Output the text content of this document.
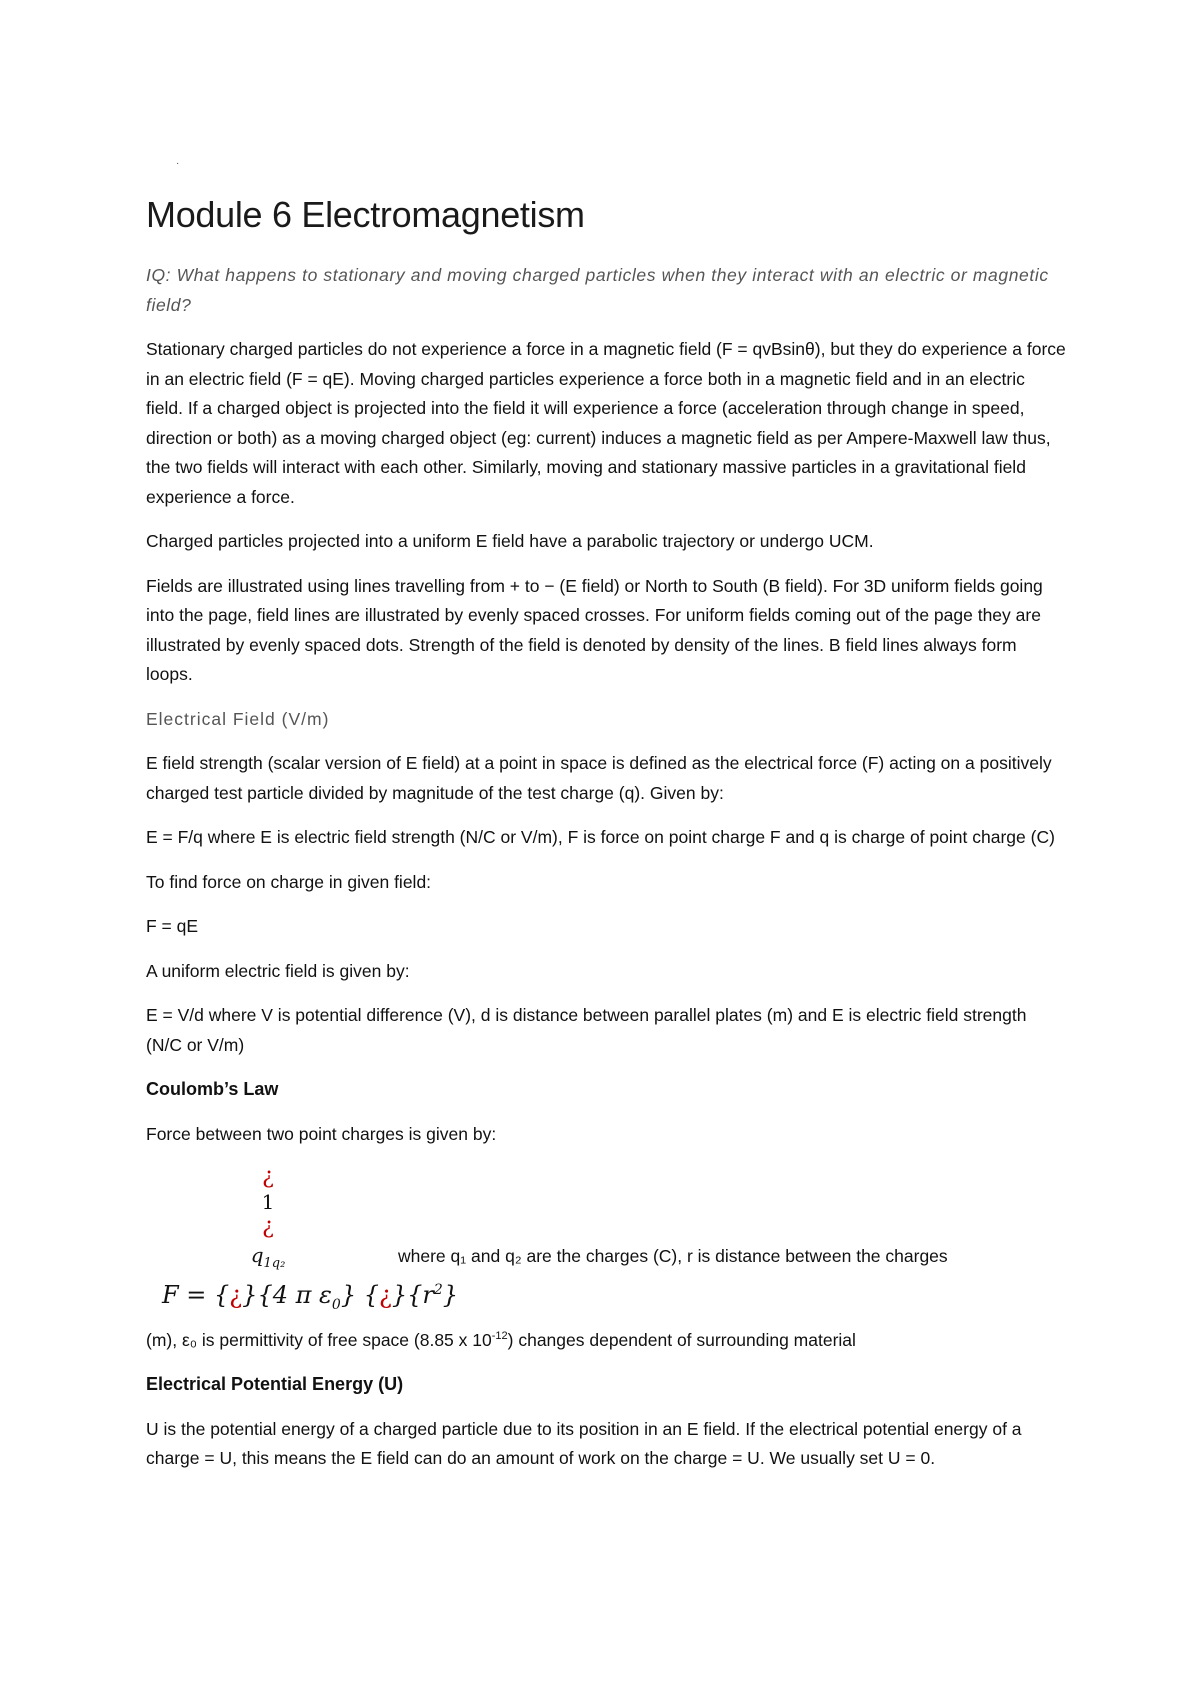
·
Module 6 Electromagnetism

IQ: What happens to stationary and moving charged particles when they interact with an electric or magnetic field?

Stationary charged particles do not experience a force in a magnetic field (F = qvBsinθ), but they do experience a force in an electric field (F = qE). Moving charged particles experience a force both in a magnetic field and in an electric field. If a charged object is projected into the field it will experience a force (acceleration through change in speed, direction or both) as a moving charged object (eg: current) induces a magnetic field as per Ampere-Maxwell law thus, the two fields will interact with each other. Similarly, moving and stationary massive particles in a gravitational field experience a force.

Charged particles projected into a uniform E field have a parabolic trajectory or undergo UCM.

Fields are illustrated using lines travelling from + to − (E field) or North to South (B field). For 3D uniform fields going into the page, field lines are illustrated by evenly spaced crosses. For uniform fields coming out of the page they are illustrated by evenly spaced dots. Strength of the field is denoted by density of the lines. B field lines always form loops.

Electrical Field (V/m)

E field strength (scalar version of E field) at a point in space is defined as the electrical force (F) acting on a positively charged test particle divided by magnitude of the test charge (q). Given by:

E = F/q where E is electric field strength (N/C or V/m), F is force on point charge F and q is charge of point charge (C)

To find force on charge in given field:

F = qE

A uniform electric field is given by:

E = V/d where V is potential difference (V), d is distance between parallel plates (m) and E is electric field strength (N/C or V/m)

Coulomb’s Law

Force between two point charges is given by:

¿
1
¿
$q_{1q_2}$
F = {¿}{4 π $\varepsilon_0$} $\{¿\}\{r^2\}$
where q₁ and q₂ are the charges (C), r is distance between the charges

(m), ε₀ is permittivity of free space (8.85 x $10^{-12}$) changes dependent of surrounding material

Electrical Potential Energy (U)

U is the potential energy of a charged particle due to its position in an E field. If the electrical potential energy of a charge = U, this means the E field can do an amount of work on the charge = U. We usually set U = 0.
